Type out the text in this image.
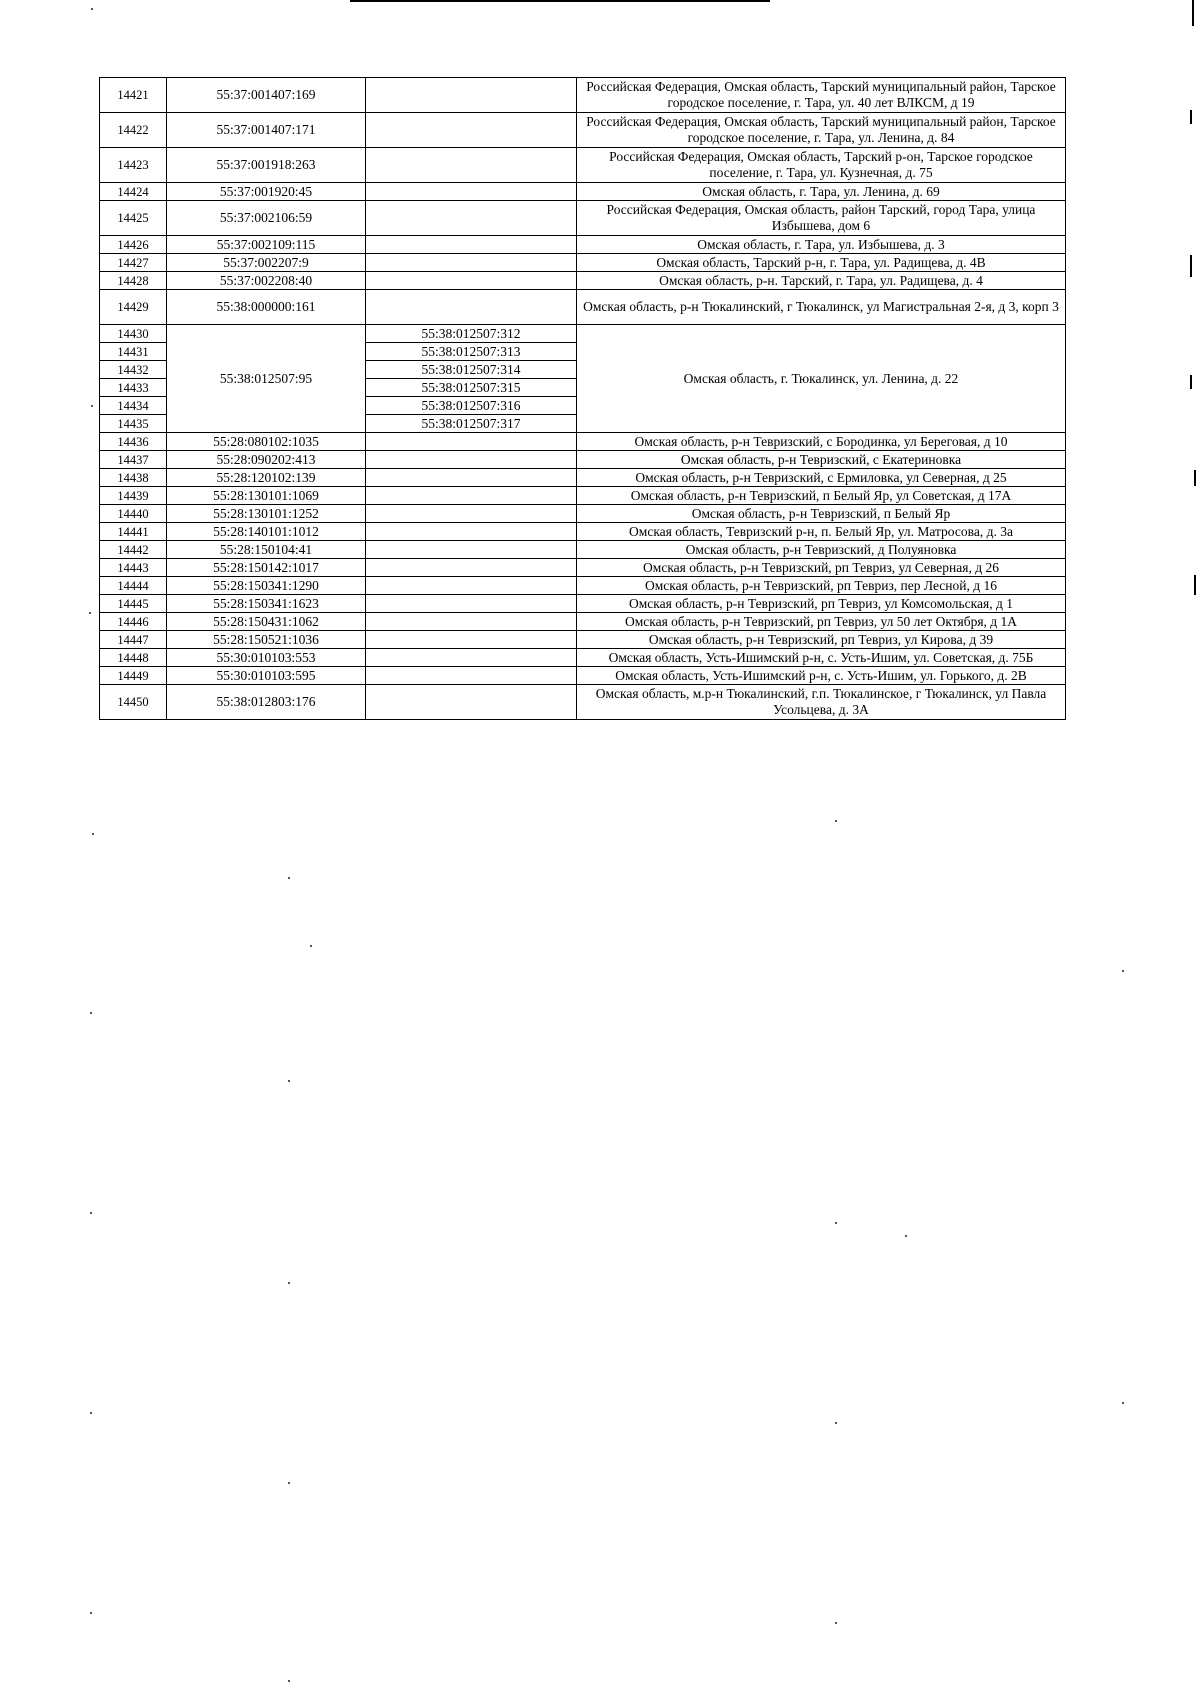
14421	55:37:001407:169		Российская Федерация, Омская область, Тарский муниципальный район, Тарское городское поселение, г. Тара, ул. 40 лет ВЛКСМ, д 19
14422	55:37:001407:171		Российская Федерация, Омская область, Тарский муниципальный район, Тарское городское поселение, г. Тара, ул. Ленина, д. 84
14423	55:37:001918:263		Российская Федерация, Омская область, Тарский р-он, Тарское городское поселение, г. Тара, ул. Кузнечная, д. 75
14424	55:37:001920:45		Омская область, г. Тара, ул. Ленина, д. 69
14425	55:37:002106:59		Российская Федерация, Омская область, район Тарский, город Тара, улица Избышева, дом 6
14426	55:37:002109:115		Омская область, г. Тара, ул. Избышева, д. 3
14427	55:37:002207:9		Омская область, Тарский р-н, г. Тара, ул. Радищева, д. 4В
14428	55:37:002208:40		Омская область, р-н. Тарский, г. Тара, ул. Радищева, д. 4
14429	55:38:000000:161		Омская область, р-н Тюкалинский, г Тюкалинск, ул Магистральная 2-я, д 3, корп 3
14430	55:38:012507:95	55:38:012507:312	Омская область, г. Тюкалинск, ул. Ленина, д. 22
14431		55:38:012507:313	
14432		55:38:012507:314	
14433		55:38:012507:315	
14434		55:38:012507:316	
14435		55:38:012507:317	
14436	55:28:080102:1035		Омская область, р-н Тевризский, с Бородинка, ул Береговая, д 10
14437	55:28:090202:413		Омская область, р-н Тевризский, с Екатериновка
14438	55:28:120102:139		Омская область, р-н Тевризский, с Ермиловка, ул Северная, д 25
14439	55:28:130101:1069		Омская область, р-н Тевризский, п Белый Яр, ул Советская, д 17А
14440	55:28:130101:1252		Омская область, р-н Тевризский, п Белый Яр
14441	55:28:140101:1012		Омская область, Тевризский р-н, п. Белый Яр, ул. Матросова, д. 3а
14442	55:28:150104:41		Омская область, р-н Тевризский, д Полуяновка
14443	55:28:150142:1017		Омская область, р-н Тевризский, рп Тевриз, ул Северная, д 26
14444	55:28:150341:1290		Омская область, р-н Тевризский, рп Тевриз, пер Лесной, д 16
14445	55:28:150341:1623		Омская область, р-н Тевризский, рп Тевриз, ул Комсомольская, д 1
14446	55:28:150431:1062		Омская область, р-н Тевризский, рп Тевриз, ул 50 лет Октября, д 1А
14447	55:28:150521:1036		Омская область, р-н Тевризский, рп Тевриз, ул Кирова, д 39
14448	55:30:010103:553		Омская область, Усть-Ишимский р-н, с. Усть-Ишим, ул. Советская, д. 75Б
14449	55:30:010103:595		Омская область, Усть-Ишимский р-н, с. Усть-Ишим, ул. Горького, д. 2В
14450	55:38:012803:176		Омская область, м.р-н Тюкалинский, г.п. Тюкалинское, г Тюкалинск, ул Павла Усольцева, д. 3А
